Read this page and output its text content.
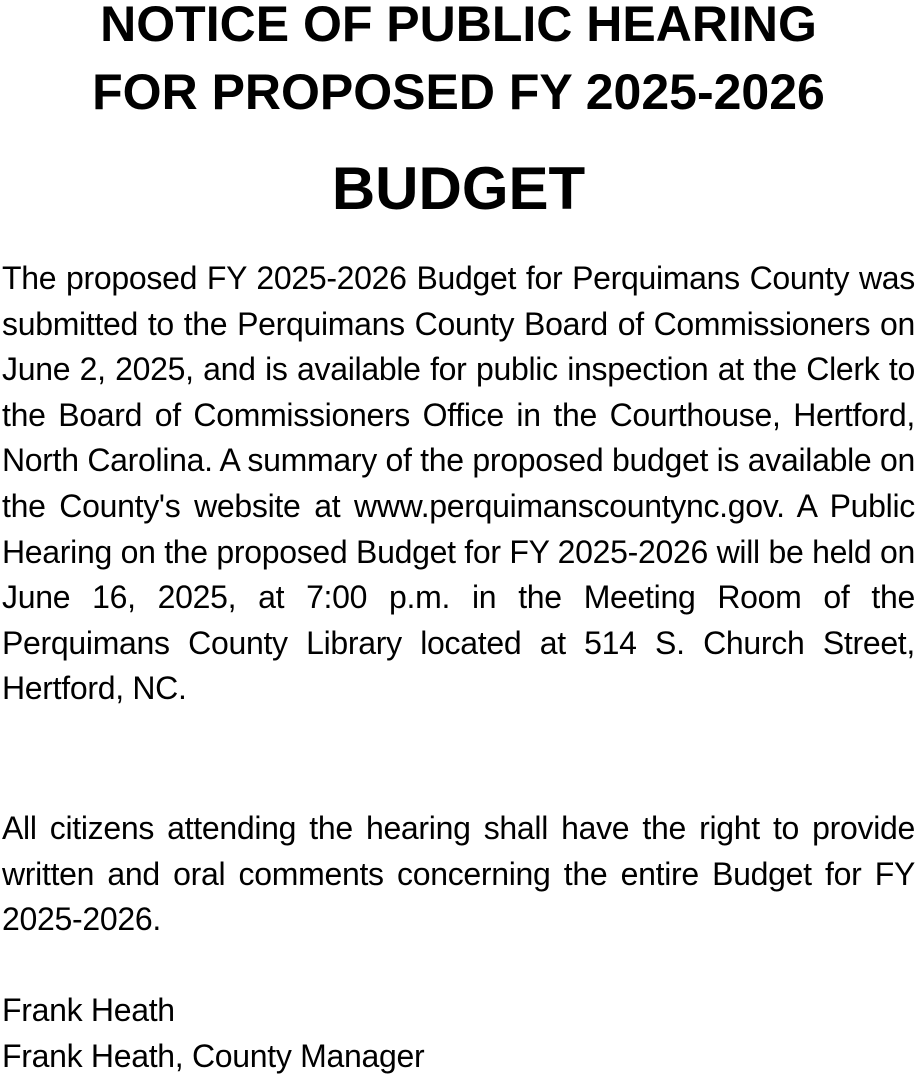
NOTICE OF PUBLIC HEARING
FOR PROPOSED FY 2025-2026
BUDGET

The proposed FY 2025-2026 Budget for Perquimans County was submitted to the Perquimans County Board of Commissioners on June 2, 2025, and is available for public inspection at the Clerk to the Board of Commissioners Office in the Courthouse, Hertford, North Carolina. A summary of the proposed budget is available on the County's website at www.perquimanscountync.gov. A Public Hearing on the proposed Budget for FY 2025-2026 will be held on June 16, 2025, at 7:00 p.m. in the Meeting Room of the Perquimans County Library located at 514 S. Church Street, Hertford, NC.

All citizens attending the hearing shall have the right to provide written and oral comments concerning the entire Budget for FY 2025-2026.

Frank Heath
Frank Heath, County Manager
